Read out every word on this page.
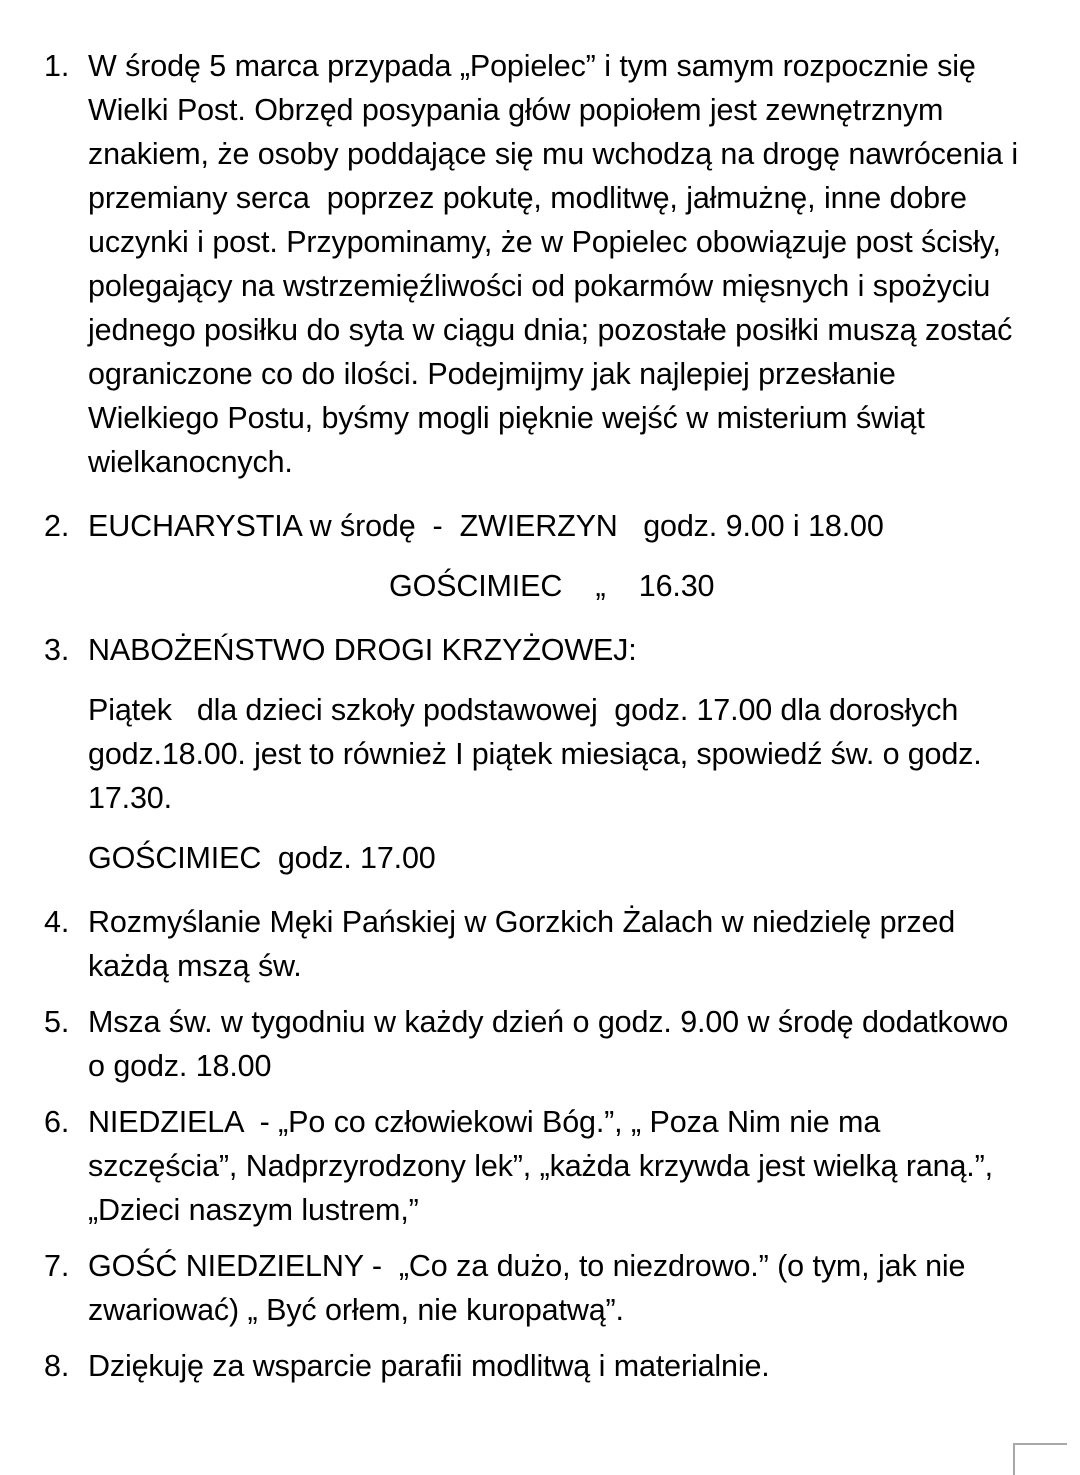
1. W środę 5 marca przypada „Popielec” i tym samym rozpocznie się Wielki Post. Obrzęd posypania głów popiołem jest zewnętrznym znakiem, że osoby poddające się mu wchodzą na drogę nawrócenia i przemiany serca  poprzez pokutę, modlitwę, jałmużnę, inne dobre uczynki i post. Przypominamy, że w Popielec obowiązuje post ścisły, polegający na wstrzemięźliwości od pokarmów mięsnych i spożyciu jednego posiłku do syta w ciągu dnia; pozostałe posiłki muszą zostać ograniczone co do ilości. Podejmijmy jak najlepiej przesłanie Wielkiego Postu, byśmy mogli pięknie wejść w misterium świąt wielkanocnych.
2. EUCHARYSTIA w środę  -  ZWIERZYN   godz. 9.00 i 18.00
GOŚCIMIEC    „    16.30
3. NABOŻEŃSTWO DROGI KRZYŻOWEJ:
Piątek   dla dzieci szkoły podstawowej  godz. 17.00 dla dorosłych godz.18.00. jest to również I piątek miesiąca, spowiedź św. o godz. 17.30.
GOŚCIMIEC  godz. 17.00
4. Rozmyślanie Męki Pańskiej w Gorzkich Żalach w niedzielę przed każdą mszą św.
5. Msza św. w tygodniu w każdy dzień o godz. 9.00 w środę dodatkowo o godz. 18.00
6. NIEDZIELA  - „Po co człowiekowi Bóg.”, „ Poza Nim nie ma szczęścia”, Nadprzyrodzony lek”, „każda krzywda jest wielką raną.”, „Dzieci naszym lustrem,”
7. GOŚĆ NIEDZIELNY -  „Co za dużo, to niezdrowo.” (o tym, jak nie zwariować) „ Być orłem, nie kuropatwą”.
8. Dziękuję za wsparcie parafii modlitwą i materialnie.
